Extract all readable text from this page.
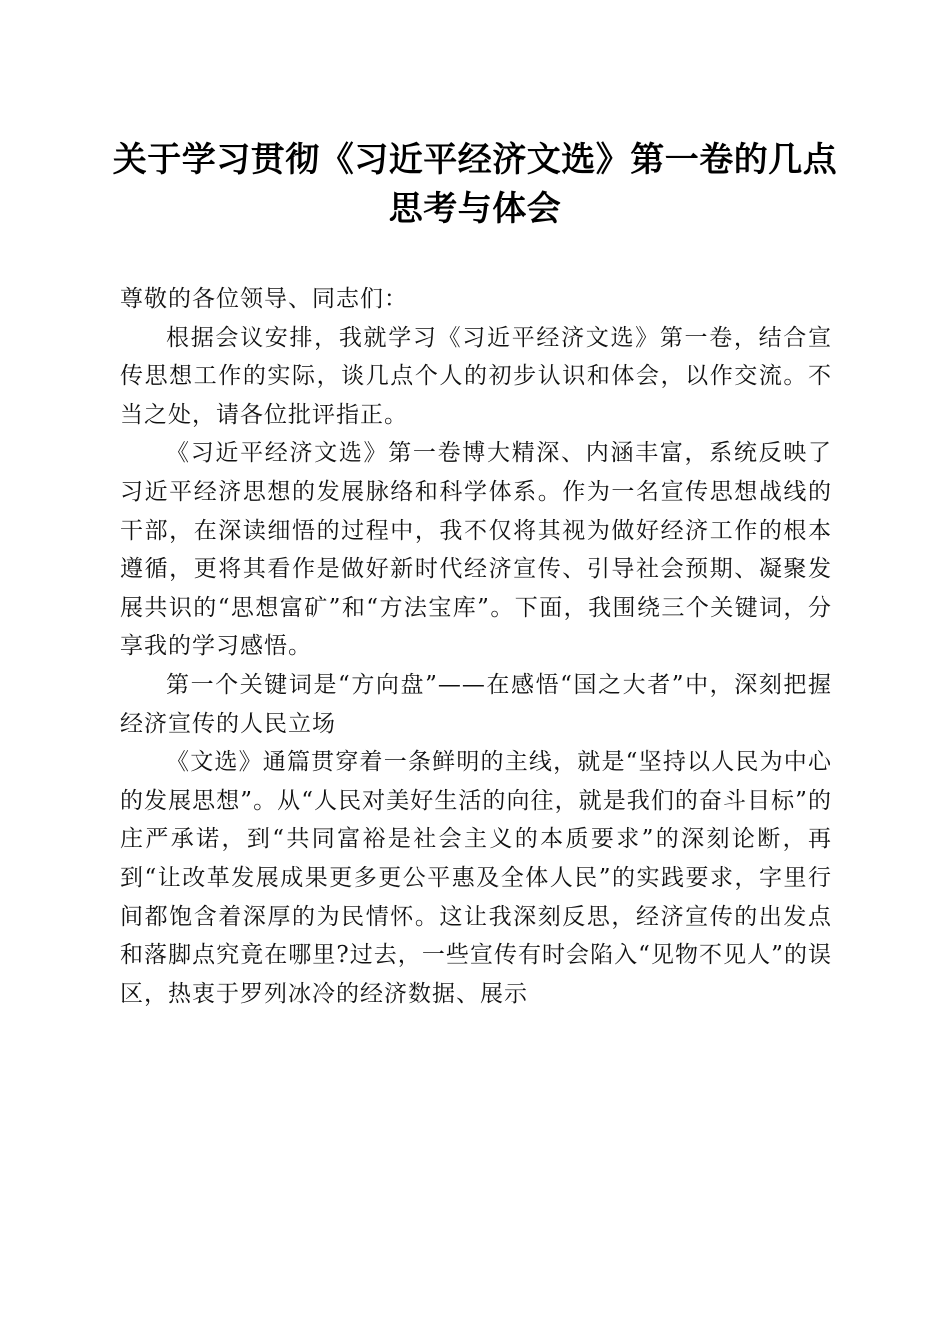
关于学习贯彻《习近平经济文选》第一卷的几点思考与体会

尊敬的各位领导、同志们：

根据会议安排，我就学习《习近平经济文选》第一卷，结合宣传思想工作的实际，谈几点个人的初步认识和体会，以作交流。不当之处，请各位批评指正。

《习近平经济文选》第一卷博大精深、内涵丰富，系统反映了习近平经济思想的发展脉络和科学体系。作为一名宣传思想战线的干部，在深读细悟的过程中，我不仅将其视为做好经济工作的根本遵循，更将其看作是做好新时代经济宣传、引导社会预期、凝聚发展共识的“思想富矿”和“方法宝库”。下面，我围绕三个关键词，分享我的学习感悟。

第一个关键词是“方向盘”——在感悟“国之大者”中，深刻把握经济宣传的人民立场

《文选》通篇贯穿着一条鲜明的主线，就是“坚持以人民为中心的发展思想”。从“人民对美好生活的向往，就是我们的奋斗目标”的庄严承诺，到“共同富裕是社会主义的本质要求”的深刻论断，再到“让改革发展成果更多更公平惠及全体人民”的实践要求，字里行间都饱含着深厚的为民情怀。这让我深刻反思，经济宣传的出发点和落脚点究竟在哪里?过去，一些宣传有时会陷入“见物不见人”的误区，热衷于罗列冰冷的经济数据、展示
